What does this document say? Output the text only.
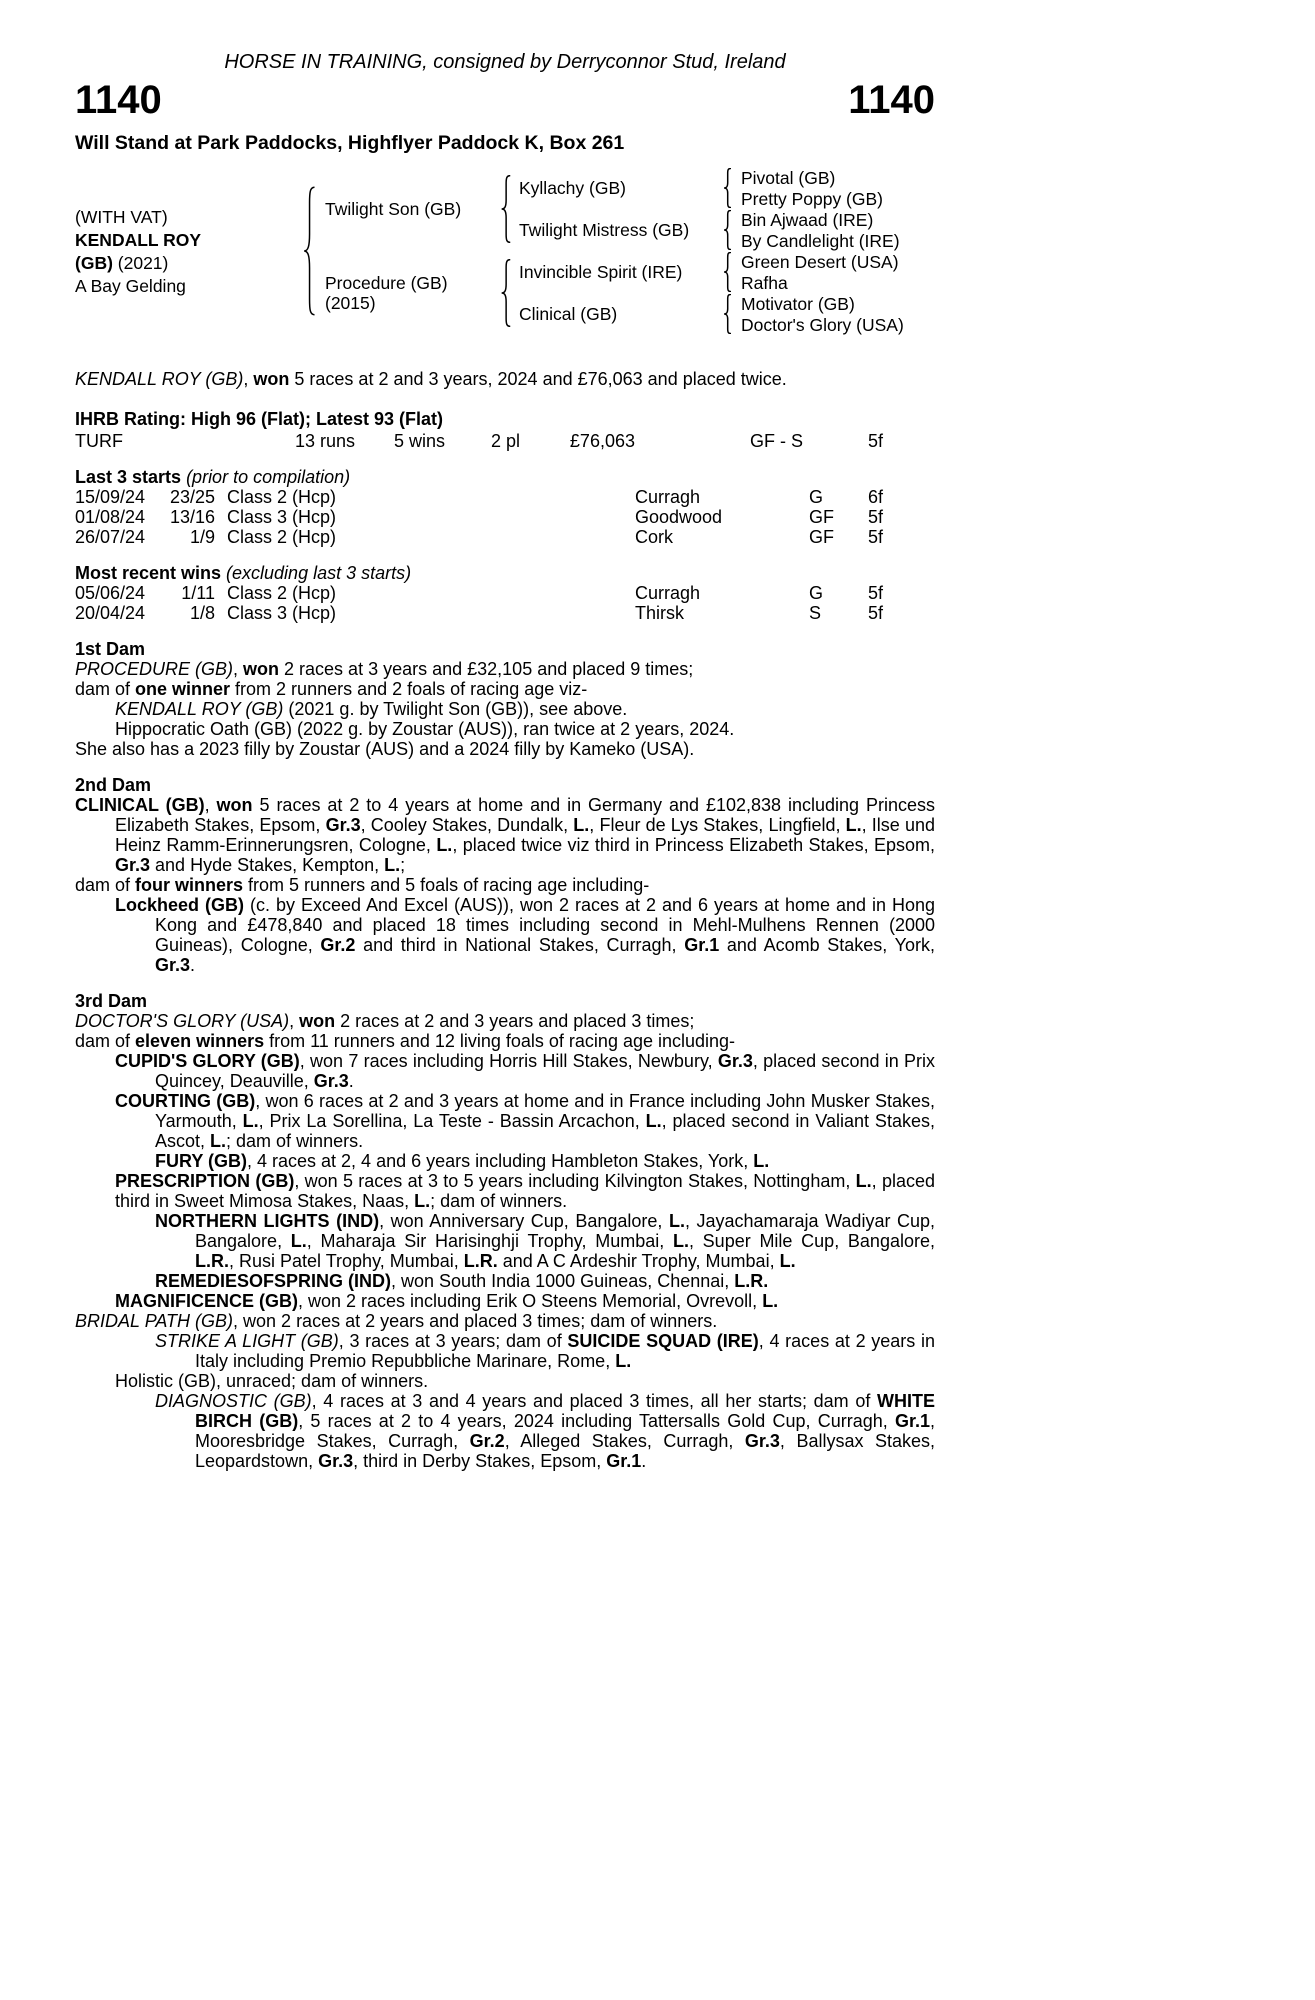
HORSE IN TRAINING, consigned by Derryconnor Stud, Ireland
1140	1140
Will Stand at Park Paddocks, Highflyer Paddock K, Box 261
(WITH VAT)
KENDALL ROY
(GB) (2021)
A Bay Gelding
Twilight Son (GB)
Procedure (GB)
(2015)
Kyllachy (GB)
Twilight Mistress (GB)
Invincible Spirit (IRE)
Clinical (GB)
Pivotal (GB)
Pretty Poppy (GB)
Bin Ajwaad (IRE)
By Candlelight (IRE)
Green Desert (USA)
Rafha
Motivator (GB)
Doctor's Glory (USA)
KENDALL ROY (GB), won 5 races at 2 and 3 years, 2024 and £76,063 and placed twice.
IHRB Rating: High 96 (Flat); Latest 93 (Flat)
TURF	13 runs	5 wins	2 pl	£76,063	GF - S	5f
Last 3 starts (prior to compilation)
15/09/24	23/25 Class 2 (Hcp)	Curragh	G	6f
01/08/24	13/16 Class 3 (Hcp)	Goodwood	GF	5f
26/07/24	1/9 Class 2 (Hcp)	Cork	GF	5f
Most recent wins (excluding last 3 starts)
05/06/24	1/11 Class 2 (Hcp)	Curragh	G	5f
20/04/24	1/8 Class 3 (Hcp)	Thirsk	S	5f
1st Dam
PROCEDURE (GB), won 2 races at 3 years and £32,105 and placed 9 times;
dam of one winner from 2 runners and 2 foals of racing age viz-
KENDALL ROY (GB) (2021 g. by Twilight Son (GB)), see above.
Hippocratic Oath (GB) (2022 g. by Zoustar (AUS)), ran twice at 2 years, 2024.
She also has a 2023 filly by Zoustar (AUS) and a 2024 filly by Kameko (USA).
2nd Dam
CLINICAL (GB), won 5 races at 2 to 4 years at home and in Germany and £102,838 including Princess Elizabeth Stakes, Epsom, Gr.3, Cooley Stakes, Dundalk, L., Fleur de Lys Stakes, Lingfield, L., Ilse und Heinz Ramm-Erinnerungsren, Cologne, L., placed twice viz third in Princess Elizabeth Stakes, Epsom, Gr.3 and Hyde Stakes, Kempton, L.;
dam of four winners from 5 runners and 5 foals of racing age including-
Lockheed (GB) (c. by Exceed And Excel (AUS)), won 2 races at 2 and 6 years at home and in Hong Kong and £478,840 and placed 18 times including second in Mehl-Mulhens Rennen (2000 Guineas), Cologne, Gr.2 and third in National Stakes, Curragh, Gr.1 and Acomb Stakes, York, Gr.3.
3rd Dam
DOCTOR'S GLORY (USA), won 2 races at 2 and 3 years and placed 3 times;
dam of eleven winners from 11 runners and 12 living foals of racing age including-
CUPID'S GLORY (GB), won 7 races including Horris Hill Stakes, Newbury, Gr.3, placed second in Prix Quincey, Deauville, Gr.3.
COURTING (GB), won 6 races at 2 and 3 years at home and in France including John Musker Stakes, Yarmouth, L., Prix La Sorellina, La Teste - Bassin Arcachon, L., placed second in Valiant Stakes, Ascot, L.; dam of winners.
FURY (GB), 4 races at 2, 4 and 6 years including Hambleton Stakes, York, L.
PRESCRIPTION (GB), won 5 races at 3 to 5 years including Kilvington Stakes, Nottingham, L., placed third in Sweet Mimosa Stakes, Naas, L.; dam of winners.
NORTHERN LIGHTS (IND), won Anniversary Cup, Bangalore, L., Jayachamaraja Wadiyar Cup, Bangalore, L., Maharaja Sir Harisinghji Trophy, Mumbai, L., Super Mile Cup, Bangalore, L.R., Rusi Patel Trophy, Mumbai, L.R. and A C Ardeshir Trophy, Mumbai, L.
REMEDIESOFSPRING (IND), won South India 1000 Guineas, Chennai, L.R.
MAGNIFICENCE (GB), won 2 races including Erik O Steens Memorial, Ovrevoll, L.
BRIDAL PATH (GB), won 2 races at 2 years and placed 3 times; dam of winners.
STRIKE A LIGHT (GB), 3 races at 3 years; dam of SUICIDE SQUAD (IRE), 4 races at 2 years in Italy including Premio Repubbliche Marinare, Rome, L.
Holistic (GB), unraced; dam of winners.
DIAGNOSTIC (GB), 4 races at 3 and 4 years and placed 3 times, all her starts; dam of WHITE BIRCH (GB), 5 races at 2 to 4 years, 2024 including Tattersalls Gold Cup, Curragh, Gr.1, Mooresbridge Stakes, Curragh, Gr.2, Alleged Stakes, Curragh, Gr.3, Ballysax Stakes, Leopardstown, Gr.3, third in Derby Stakes, Epsom, Gr.1.
